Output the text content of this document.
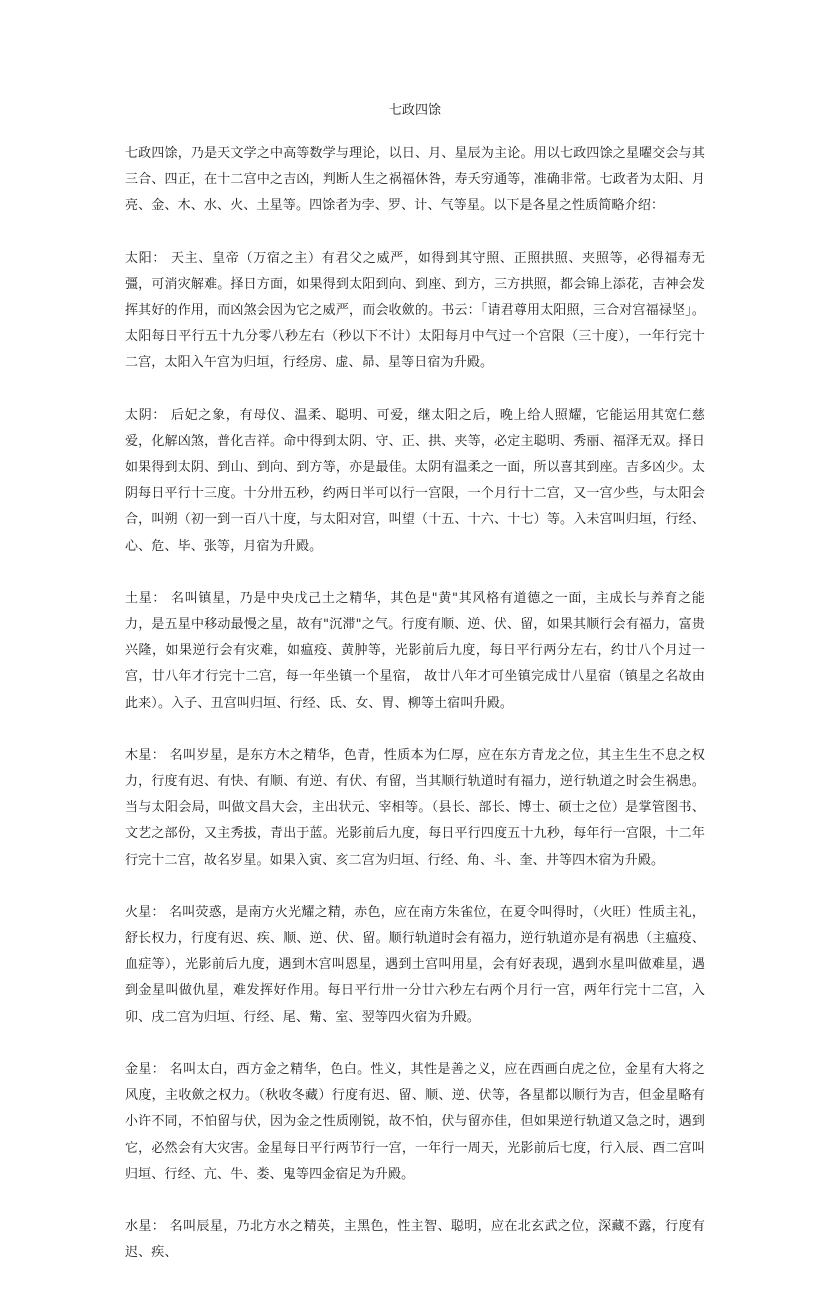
七政四馀

七政四馀，乃是天文学之中高等数学与理论，以日、月、星辰为主论。用以七政四馀之星曜交会与其三合、四正，在十二宫中之吉凶，判断人生之祸福休咎，寿夭穷通等，准确非常。七政者为太阳、月亮、金、木、水、火、土星等。四馀者为孛、罗、计、气等星。以下是各星之性质简略介绍：

太阳： 天主、皇帝（万宿之主）有君父之威严，如得到其守照、正照拱照、夹照等，必得福寿无彊，可消灾解难。择日方面，如果得到太阳到向、到座、到方，三方拱照，都会锦上添花，吉神会发挥其好的作用，而凶煞会因为它之威严，而会收歛的。书云：「请君尊用太阳照，三合对宫福禄坚」。太阳每日平行五十九分零八秒左右（秒以下不计）太阳每月中气过一个宫限（三十度），一年行完十二宫，太阳入午宫为归垣，行经房、虚、昴、星等日宿为升殿。

太阴： 后妃之象，有母仪、温柔、聪明、可爱，继太阳之后，晚上给人照耀，它能运用其宽仁慈爱，化解凶煞，普化吉祥。命中得到太阴、守、正、拱、夹等，必定主聪明、秀丽、福泽无双。择日如果得到太阴、到山、到向、到方等，亦是最佳。太阴有温柔之一面，所以喜其到座。吉多凶少。太阴每日平行十三度。十分卅五秒，约两日半可以行一宫限，一个月行十二宫，又一宫少些，与太阳会合，叫朔（初一到一百八十度，与太阳对宫，叫望（十五、十六、十七）等。入未宫叫归垣，行经、心、危、毕、张等，月宿为升殿。

土星： 名叫镇星，乃是中央戊己土之精华，其色是"黄"其风格有道德之一面，主成长与养育之能力，是五星中移动最慢之星，故有"沉滞"之气。行度有顺、逆、伏、留，如果其顺行会有福力，富贵兴隆，如果逆行会有灾难，如瘟疫、黄肿等，光影前后九度，每日平行两分左右，约廿八个月过一宫，廿八年才行完十二宫，每一年坐镇一个星宿， 故廿八年才可坐镇完成廿八星宿（镇星之名故由此来）。入子、丑宫叫归垣、行经、氐、女、胃、柳等土宿叫升殿。

木星： 名叫岁星，是东方木之精华，色青，性质本为仁厚，应在东方青龙之位，其主生生不息之权力，行度有迟、有快、有顺、有逆、有伏、有留，当其顺行轨道时有福力，逆行轨道之时会生祸患。当与太阳会局，叫做文昌大会，主出状元、宰相等。（县长、部长、博士、硕士之位）是掌管图书、文艺之部份，又主秀拔，青出于蓝。光影前后九度，每日平行四度五十九秒，每年行一宫限，十二年行完十二宫，故名岁星。如果入寅、亥二宫为归垣、行经、角、斗、奎、井等四木宿为升殿。

火星： 名叫荧惑，是南方火光耀之精，赤色，应在南方朱雀位，在夏令叫得时，（火旺）性质主礼，舒长权力，行度有迟、疾、顺、逆、伏、留。顺行轨道时会有福力，逆行轨道亦是有祸患（主瘟疫、血症等），光影前后九度，遇到木宫叫恩星，遇到土宫叫用星，会有好表现，遇到水星叫做难星，遇到金星叫做仇星，难发挥好作用。每日平行卅一分廿六秒左右两个月行一宫，两年行完十二宫，入卯、戌二宫为归垣、行经、尾、觜、室、翌等四火宿为升殿。

金星： 名叫太白，西方金之精华，色白。性义，其性是善之义，应在西画白虎之位，金星有大将之风度，主收歛之权力。（秋收冬藏）行度有迟、留、顺、逆、伏等，各星都以顺行为吉，但金星略有小许不同，不怕留与伏，因为金之性质刚锐，故不怕，伏与留亦佳，但如果逆行轨道又急之时，遇到它，必然会有大灾害。金星每日平行两节行一宫，一年行一周天，光影前后七度，行入辰、酉二宫叫归垣、行经、亢、牛、娄、鬼等四金宿足为升殿。

水星： 名叫辰星，乃北方水之精英，主黑色，性主智、聪明，应在北玄武之位，深藏不露，行度有迟、疾、
